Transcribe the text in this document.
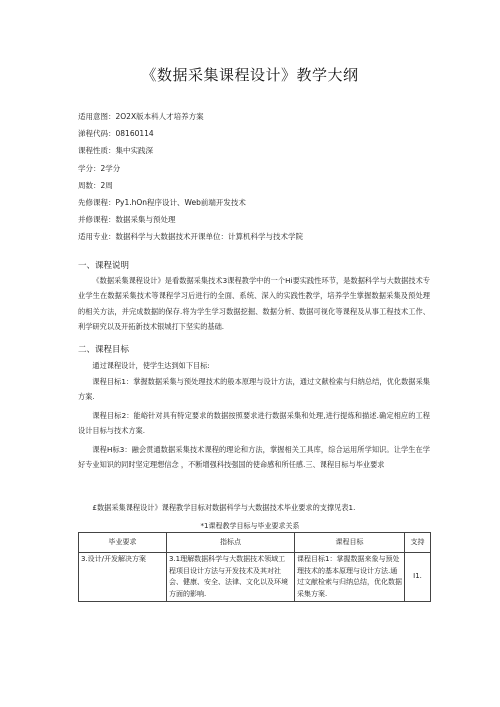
《数据采集课程设计》教学大纲
适用意图：2O2X版本科人才培养方案
涕程代码：08160114
课程性质：集中实践深
学分：2学分
周数：2周
先修课程：Py1.hOn程序设计、Web前端开发技术
并修课程：数据采集与预处理
适用专业：数据科学与大数据技术开课单位：计算机科学与技术学院
一、课程说明
《数据采集课程设计》是看数据采集技术3课程教学中的一个Hi要实践性环节，是数据科学与大数据技术专业学生在数据采集技术等课程学习后进行的全面、系统、深入的实践性教学，培养学生掌握数据采集及预处理的相关方法，并完成数据的保存.将为学生学习数据挖掘、数据分析、数据可视化等课程及从事工程技术工作、利学研究以及开拓新技术银城打下坚实的基础.
二、课程目标
通过课程设计，使学生达到如下目标:
课程目标1：掌握数据采集与预处理技术的般本原理与设计方法，通过文献检索与归纳总结，优化数据采集方案.
课程目标2：能峪针对具有特定要求的数据按照要求进行数据采集和处理,进行提炼和描述.确定相应的工程设计目标与技术方案.
课程H标3：融会贯通数据采集技术课程的理论和方法，掌握相关工具库，综合运用所学知识。让学生在学好专业知识的同时坚定理想信念 ，不断增强科技强国的使命感和所任感.三、课程目标与毕业要求
£数据采集课程设计》课程教学目标对数据科学与大数据技术毕业要求的支撑见表1.
*1课程教学目标与毕业要求关系
毕业要求	指标点	课程目标	支持
3.设计/开发解决方案	3.1理解数据科学与大数据技术领域工程项目设计方法与开发技术及其对社会、健康、安全、法律、文化以及环境方面的影响.	课程目标1：掌握数据来象与预处理技术的基本原理与设计方法.通过文献检索与归纳总结，优化数据采集方案.	I1.
